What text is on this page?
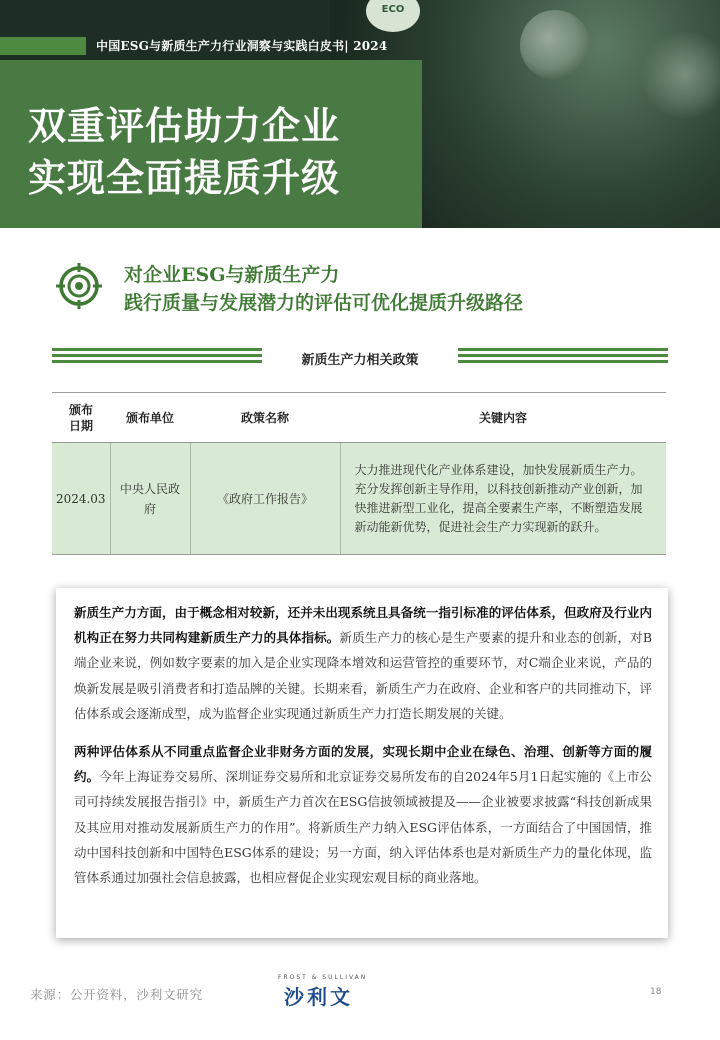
ECO
中国ESG与新质生产力行业洞察与实践白皮书| 2024
双重评估助力企业
实现全面提质升级
对企业ESG与新质生产力
践行质量与发展潜力的评估可优化提质升级路径
新质生产力相关政策
颁布日期	颁布单位	政策名称	关键内容
2024.03	中央人民政府	《政府工作报告》	大力推进现代化产业体系建设，加快发展新质生产力。充分发挥创新主导作用，以科技创新推动产业创新，加快推进新型工业化，提高全要素生产率，不断塑造发展新动能新优势，促进社会生产力实现新的跃升。

新质生产力方面，由于概念相对较新，还并未出现系统且具备统一指引标准的评估体系，但政府及行业内机构正在努力共同构建新质生产力的具体指标。新质生产力的核心是生产要素的提升和业态的创新，对B端企业来说，例如数字要素的加入是企业实现降本增效和运营管控的重要环节，对C端企业来说，产品的焕新发展是吸引消费者和打造品牌的关键。长期来看，新质生产力在政府、企业和客户的共同推动下，评估体系或会逐渐成型，成为监督企业实现通过新质生产力打造长期发展的关键。

两种评估体系从不同重点监督企业非财务方面的发展，实现长期中企业在绿色、治理、创新等方面的履约。今年上海证券交易所、深圳证券交易所和北京证券交易所发布的自2024年5月1日起实施的《上市公司可持续发展报告指引》中，新质生产力首次在ESG信披领域被提及——企业被要求披露“科技创新成果及其应用对推动发展新质生产力的作用”。将新质生产力纳入ESG评估体系，一方面结合了中国国情，推动中国科技创新和中国特色ESG体系的建设；另一方面，纳入评估体系也是对新质生产力的量化体现，监管体系通过加强社会信息披露，也相应督促企业实现宏观目标的商业落地。

来源：公开资料，沙利文研究
FROST & SULLIVAN
沙利文	18
